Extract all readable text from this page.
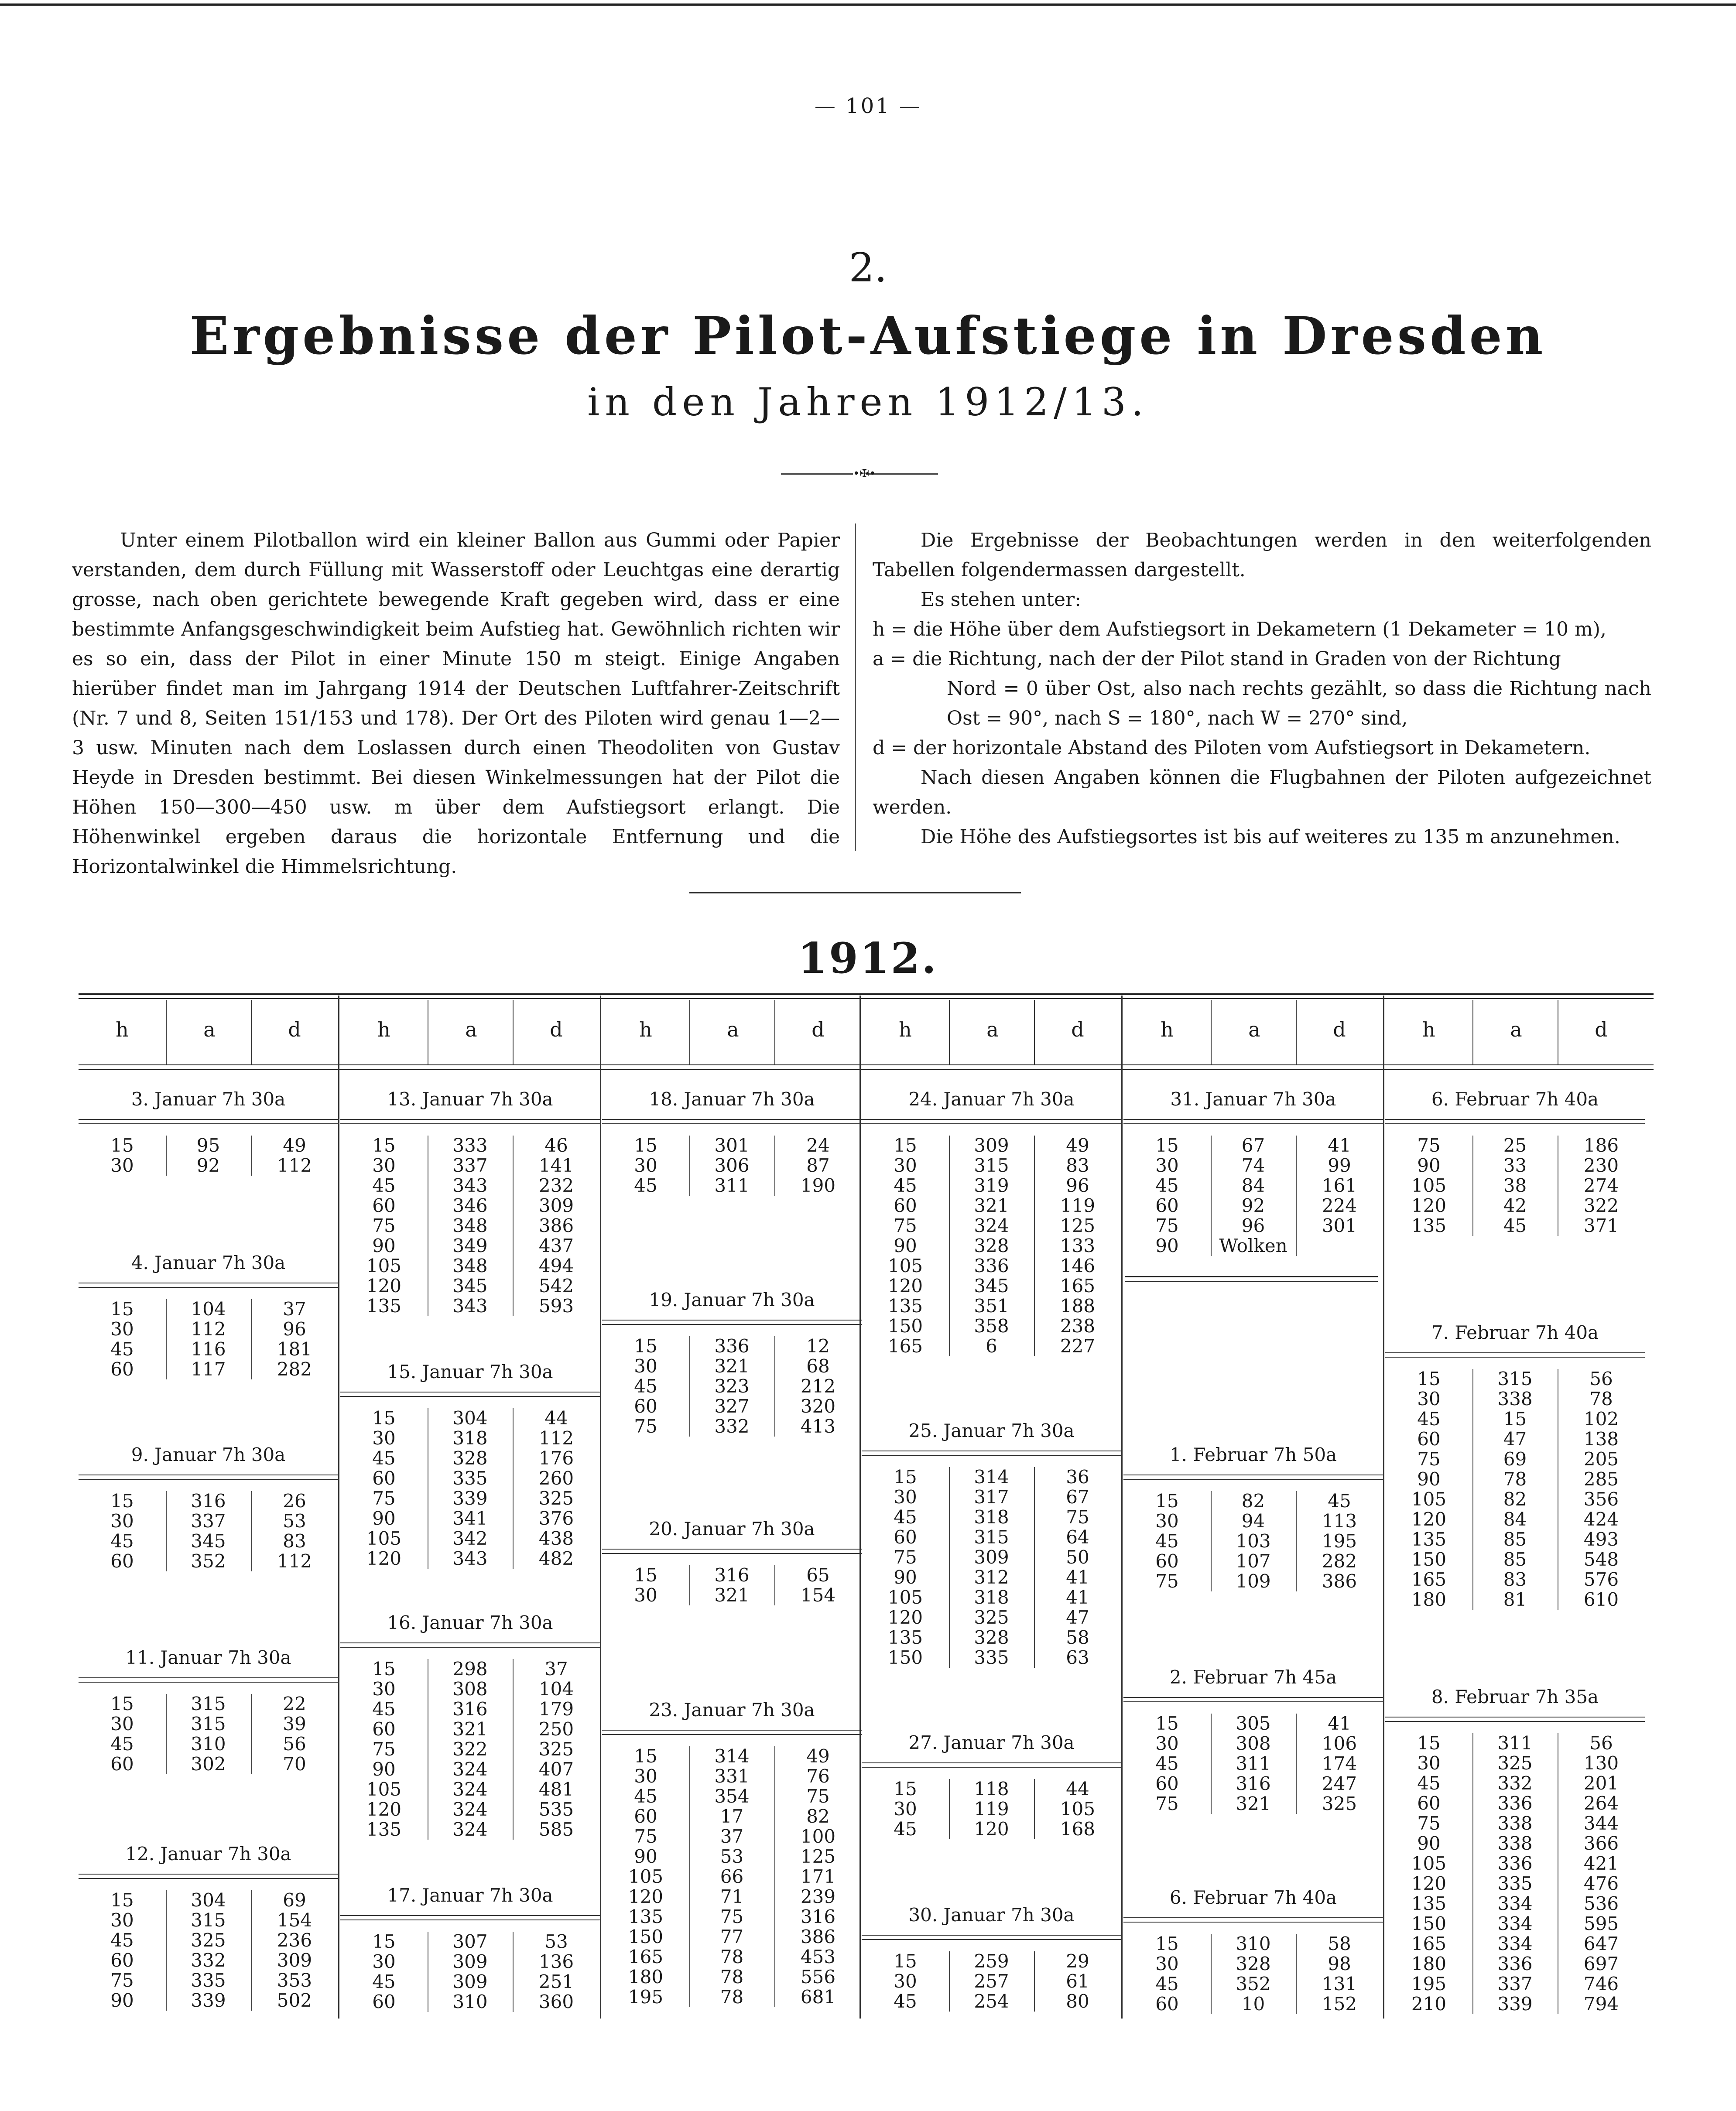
— 101 —
2.
Ergebnisse der Pilot-Aufstiege in Dresden
in den Jahren 1912/13.
•✠•

Unter einem Pilotballon wird ein kleiner Ballon aus Gummi oder Papier verstanden, dem durch Füllung mit Wasserstoff oder Leuchtgas eine derartig grosse, nach oben gerichtete bewegende Kraft gegeben wird, dass er eine bestimmte Anfangsgeschwindigkeit beim Aufstieg hat. Gewöhnlich richten wir es so ein, dass der Pilot in einer Minute 150 m steigt. Einige Angaben hierüber findet man im Jahrgang 1914 der Deutschen Luftfahrer-Zeitschrift (Nr. 7 und 8, Seiten 151/153 und 178). Der Ort des Piloten wird genau 1—2—3 usw. Minuten nach dem Loslassen durch einen Theodoliten von Gustav Heyde in Dresden bestimmt. Bei diesen Winkelmessungen hat der Pilot die Höhen 150—300—450 usw. m über dem Aufstiegsort erlangt. Die Höhenwinkel ergeben daraus die horizontale Entfernung und die Horizontalwinkel die Himmelsrichtung.

Die Ergebnisse der Beobachtungen werden in den weiterfolgenden Tabellen folgendermassen dargestellt.

Es stehen unter:

h = die Höhe über dem Aufstiegsort in Dekametern (1 Dekameter = 10 m),

a = die Richtung, nach der der Pilot stand in Graden von der Richtung

Nord = 0 über Ost, also nach rechts gezählt, so dass die Richtung nach Ost = 90°, nach S = 180°, nach W = 270° sind,

d = der horizontale Abstand des Piloten vom Aufstiegsort in Dekametern.

Nach diesen Angaben können die Flugbahnen der Piloten aufgezeichnet werden.

Die Höhe des Aufstiegsortes ist bis auf weiteres zu 135 m anzunehmen.

1912.
h	a	d	h	a	d	h	a	d	h	a	d	h	a	d	h	a	d
3. Januar 7h 30a
15	95	49
30	92	112
4. Januar 7h 30a
15	104	37
30	112	96
45	116	181
60	117	282
9. Januar 7h 30a
15	316	26
30	337	53
45	345	83
60	352	112
11. Januar 7h 30a
15	315	22
30	315	39
45	310	56
60	302	70
12. Januar 7h 30a
15	304	69
30	315	154
45	325	236
60	332	309
75	335	353
90	339	502
13. Januar 7h 30a
15	333	46
30	337	141
45	343	232
60	346	309
75	348	386
90	349	437
105	348	494
120	345	542
135	343	593
15. Januar 7h 30a
15	304	44
30	318	112
45	328	176
60	335	260
75	339	325
90	341	376
105	342	438
120	343	482
16. Januar 7h 30a
15	298	37
30	308	104
45	316	179
60	321	250
75	322	325
90	324	407
105	324	481
120	324	535
135	324	585
17. Januar 7h 30a
15	307	53
30	309	136
45	309	251
60	310	360
18. Januar 7h 30a
15	301	24
30	306	87
45	311	190
19. Januar 7h 30a
15	336	12
30	321	68
45	323	212
60	327	320
75	332	413
20. Januar 7h 30a
15	316	65
30	321	154
23. Januar 7h 30a
15	314	49
30	331	76
45	354	75
60	17	82
75	37	100
90	53	125
105	66	171
120	71	239
135	75	316
150	77	386
165	78	453
180	78	556
195	78	681
24. Januar 7h 30a
15	309	49
30	315	83
45	319	96
60	321	119
75	324	125
90	328	133
105	336	146
120	345	165
135	351	188
150	358	238
165	6	227
25. Januar 7h 30a
15	314	36
30	317	67
45	318	75
60	315	64
75	309	50
90	312	41
105	318	41
120	325	47
135	328	58
150	335	63
27. Januar 7h 30a
15	118	44
30	119	105
45	120	168
30. Januar 7h 30a
15	259	29
30	257	61
45	254	80
31. Januar 7h 30a
15	67	41
30	74	99
45	84	161
60	92	224
75	96	301
90	Wolken
1. Februar 7h 50a
15	82	45
30	94	113
45	103	195
60	107	282
75	109	386
2. Februar 7h 45a
15	305	41
30	308	106
45	311	174
60	316	247
75	321	325
6. Februar 7h 40a
15	310	58
30	328	98
45	352	131
60	10	152
6. Februar 7h 40a
75	25	186
90	33	230
105	38	274
120	42	322
135	45	371
7. Februar 7h 40a
15	315	56
30	338	78
45	15	102
60	47	138
75	69	205
90	78	285
105	82	356
120	84	424
135	85	493
150	85	548
165	83	576
180	81	610
8. Februar 7h 35a
15	311	56
30	325	130
45	332	201
60	336	264
75	338	344
90	338	366
105	336	421
120	335	476
135	334	536
150	334	595
165	334	647
180	336	697
195	337	746
210	339	794
